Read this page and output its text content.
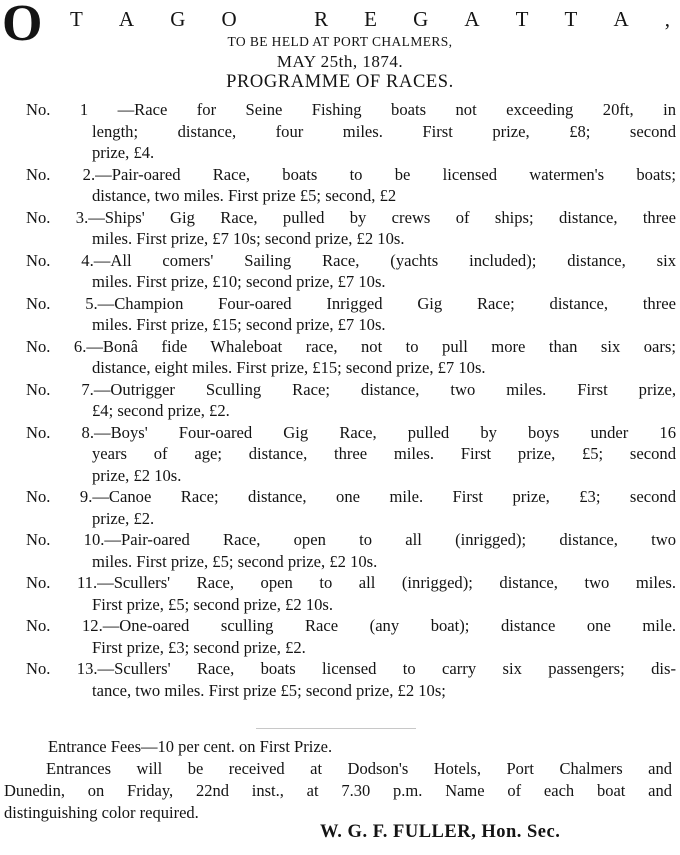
O T A G O
	R E G A T T A ,
TO BE HELD AT PORT CHALMERS,
MAY 25th, 1874.
PROGRAMME OF RACES.
No. 1 —Race for Seine Fishing boats not exceeding 20ft, in
length; distance, four miles. First prize, £8; second
prize, £4.
No. 2.—Pair-oared Race, boats to be licensed watermen's boats;
distance, two miles. First prize £5; second, £2
No. 3.—Ships' Gig Race, pulled by crews of ships; distance, three
miles. First prize, £7 10s; second prize, £2 10s.
No. 4.—All comers' Sailing Race, (yachts included); distance, six
miles. First prize, £10; second prize, £7 10s.
No. 5.—Champion Four-oared Inrigged Gig Race; distance, three
miles. First prize, £15; second prize, £7 10s.
No. 6.—Bonâ fide Whaleboat race, not to pull more than six oars;
distance, eight miles. First prize, £15; second prize, £7 10s.
No. 7.—Outrigger Sculling Race; distance, two miles. First prize,
£4; second prize, £2.
No. 8.—Boys' Four-oared Gig Race, pulled by boys under 16
years of age; distance, three miles. First prize, £5; second
prize, £2 10s.
No. 9.—Canoe Race; distance, one mile. First prize, £3; second
prize, £2.
No. 10.—Pair-oared Race, open to all (inrigged); distance, two
miles. First prize, £5; second prize, £2 10s.
No. 11.—Scullers' Race, open to all (inrigged); distance, two miles.
First prize, £5; second prize, £2 10s.
No. 12.—One-oared sculling Race (any boat); distance one mile.
First prize, £3; second prize, £2.
No. 13.—Scullers' Race, boats licensed to carry six passengers; dis-
tance, two miles. First prize £5; second prize, £2 10s;
Entrance Fees—10 per cent. on First Prize.
Entrances will be received at Dodson's Hotels, Port Chalmers and
Dunedin, on Friday, 22nd inst., at 7.30 p.m. Name of each boat and
distinguishing color required.
W. G. F. FULLER, Hon. Sec.
